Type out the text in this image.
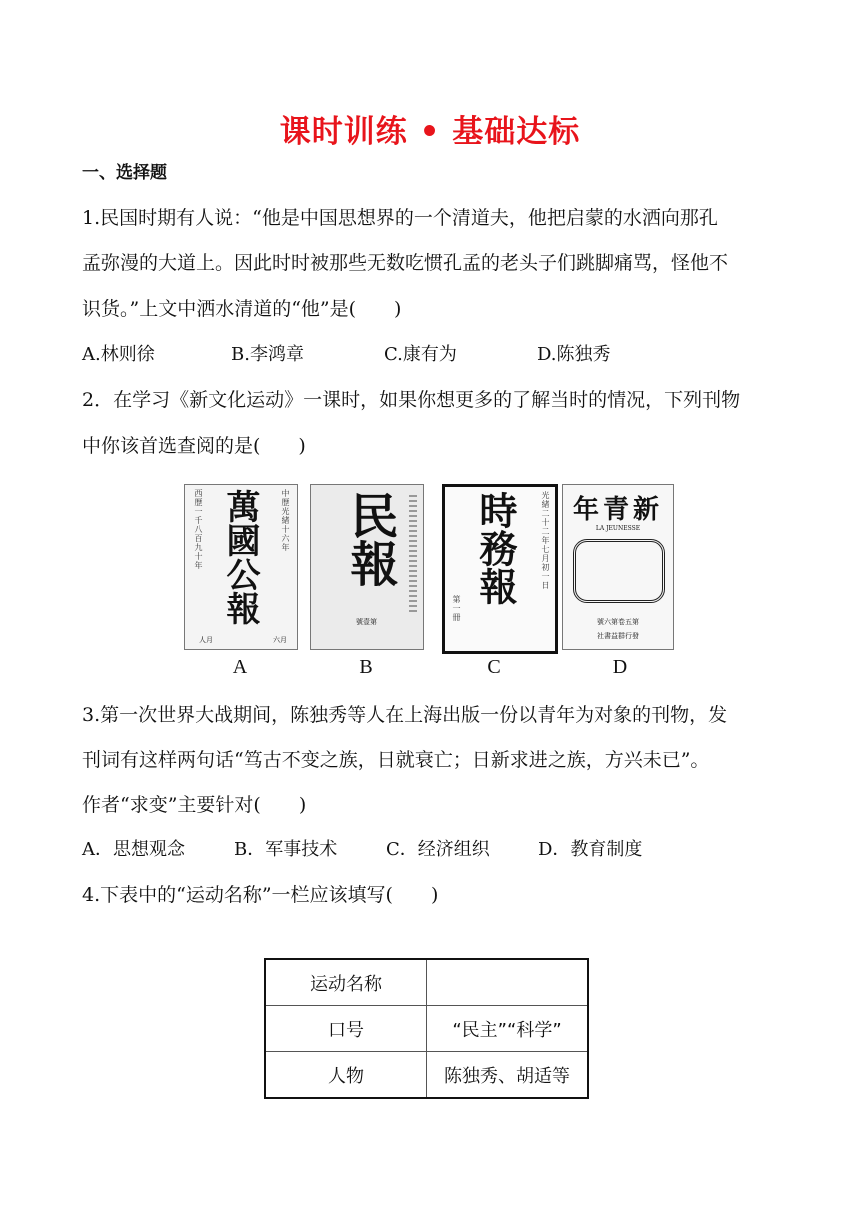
课时训练 • 基础达标
一、选择题
1.民国时期有人说：“他是中国思想界的一个清道夫，他把启蒙的水洒向那孔
孟弥漫的大道上。因此时时被那些无数吃惯孔孟的老头子们跳脚痛骂，怪他不
识货。”上文中洒水清道的“他”是(　　)
A.林则徐	B.李鸿章	C.康有为	D.陈独秀
2．在学习《新文化运动》一课时，如果你想更多的了解当时的情况，下列刊物
中你该首选查阅的是(　　)
西歷一千八百九十年	中歷光緒十六年
萬國公報
人月	六月
民報
號壹第
光緒二十二年七月初一日
時務報
第一冊
新青年
LA JEUNESSE
第五卷第六號
發行群益書社
A	B	C	D
3.第一次世界大战期间，陈独秀等人在上海出版一份以青年为对象的刊物，发
刊词有这样两句话“笃古不变之族，日就衰亡；日新求进之族，方兴未已”。
作者“求变”主要针对(　　)
A．思想观念	B．军事技术	C．经济组织	D．教育制度
4.下表中的“运动名称”一栏应该填写(　　)
运动名称	
口号	“民主”“科学”
人物	陈独秀、胡适等
